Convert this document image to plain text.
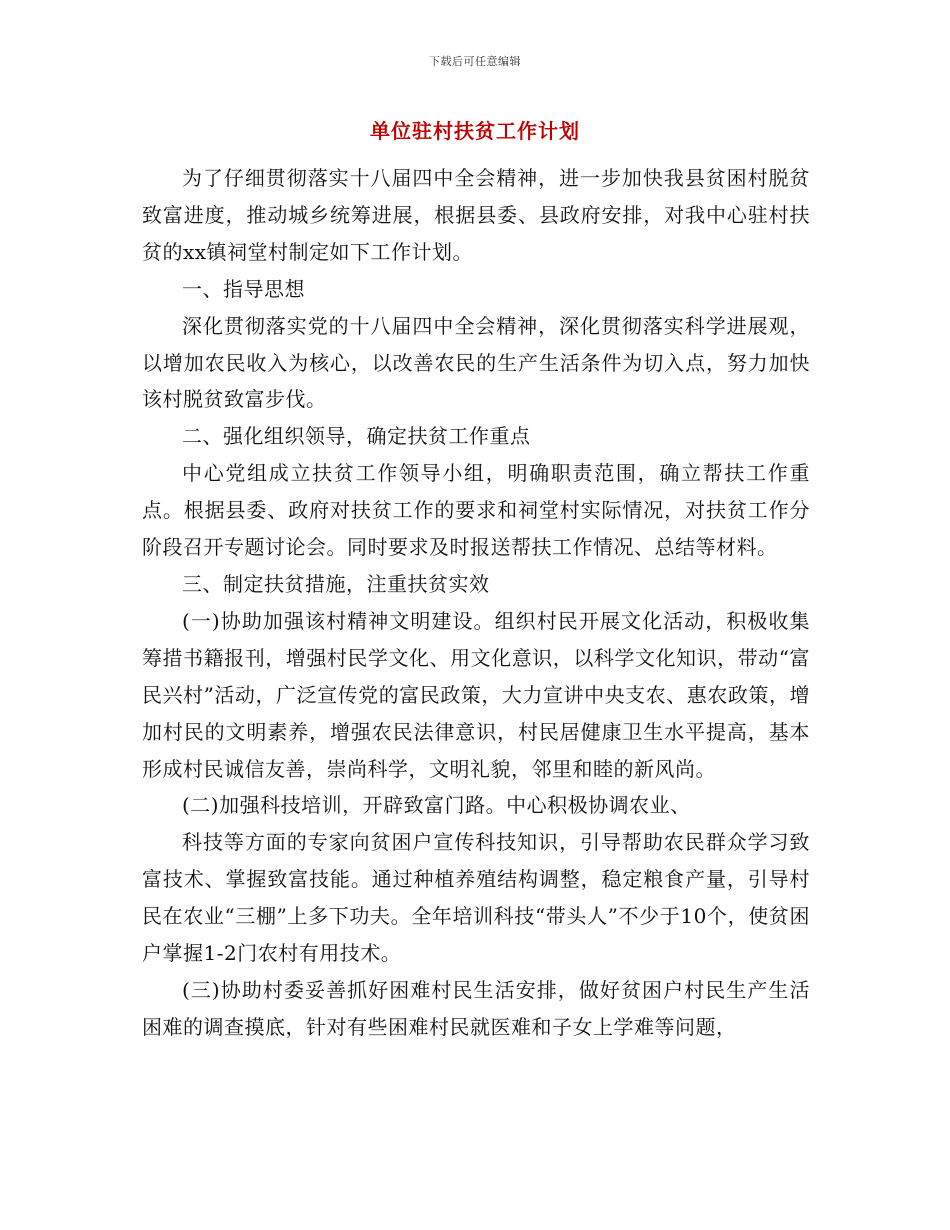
下载后可任意编辑
单位驻村扶贫工作计划

为了仔细贯彻落实十八届四中全会精神，进一步加快我县贫困村脱贫致富进度，推动城乡统筹进展，根据县委、县政府安排，对我中心驻村扶贫的xx镇祠堂村制定如下工作计划。

一、指导思想

深化贯彻落实党的十八届四中全会精神，深化贯彻落实科学进展观，以增加农民收入为核心，以改善农民的生产生活条件为切入点，努力加快该村脱贫致富步伐。

二、强化组织领导，确定扶贫工作重点

中心党组成立扶贫工作领导小组，明确职责范围，确立帮扶工作重点。根据县委、政府对扶贫工作的要求和祠堂村实际情况，对扶贫工作分阶段召开专题讨论会。同时要求及时报送帮扶工作情况、总结等材料。

三、制定扶贫措施，注重扶贫实效

(一)协助加强该村精神文明建设。组织村民开展文化活动，积极收集筹措书籍报刊，增强村民学文化、用文化意识，以科学文化知识，带动“富民兴村”活动，广泛宣传党的富民政策，大力宣讲中央支农、惠农政策，增加村民的文明素养，增强农民法律意识，村民居健康卫生水平提高，基本形成村民诚信友善，崇尚科学，文明礼貌，邻里和睦的新风尚。

(二)加强科技培训，开辟致富门路。中心积极协调农业、

科技等方面的专家向贫困户宣传科技知识，引导帮助农民群众学习致富技术、掌握致富技能。通过种植养殖结构调整，稳定粮食产量，引导村民在农业“三棚”上多下功夫。全年培训科技“带头人”不少于10个，使贫困户掌握1-2门农村有用技术。

(三)协助村委妥善抓好困难村民生活安排，做好贫困户村民生产生活困难的调查摸底，针对有些困难村民就医难和子女上学难等问题，
